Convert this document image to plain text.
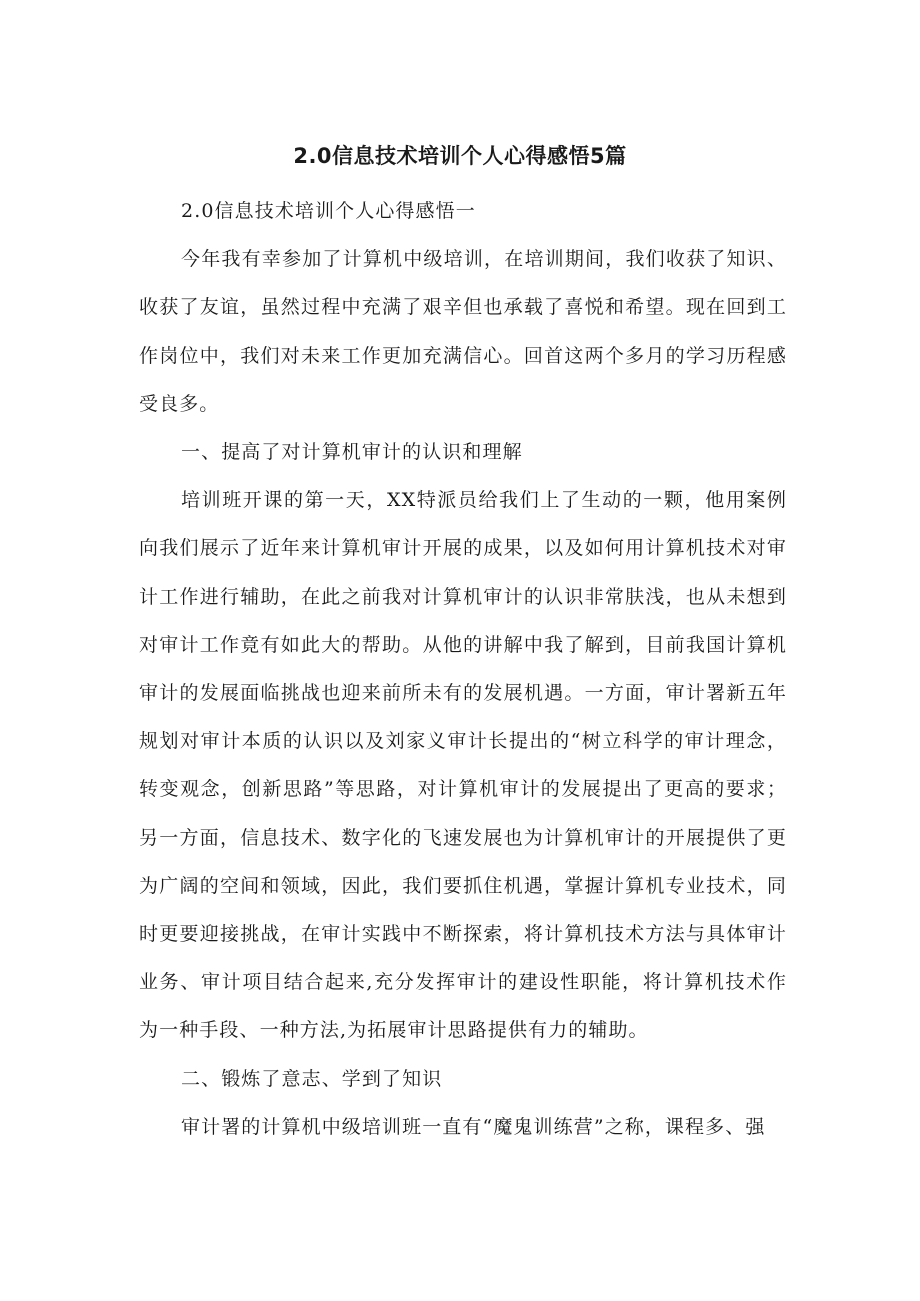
2.0信息技术培训个人心得感悟5篇

2.0信息技术培训个人心得感悟一

今年我有幸参加了计算机中级培训，在培训期间，我们收获了知识、收获了友谊，虽然过程中充满了艰辛但也承载了喜悦和希望。现在回到工作岗位中，我们对未来工作更加充满信心。回首这两个多月的学习历程感受良多。

一、提高了对计算机审计的认识和理解

培训班开课的第一天，XX特派员给我们上了生动的一颗，他用案例向我们展示了近年来计算机审计开展的成果，以及如何用计算机技术对审计工作进行辅助，在此之前我对计算机审计的认识非常肤浅，也从未想到对审计工作竟有如此大的帮助。从他的讲解中我了解到，目前我国计算机审计的发展面临挑战也迎来前所未有的发展机遇。一方面，审计署新五年规划对审计本质的认识以及刘家义审计长提出的“树立科学的审计理念，转变观念，创新思路”等思路，对计算机审计的发展提出了更高的要求；另一方面，信息技术、数字化的飞速发展也为计算机审计的开展提供了更为广阔的空间和领域，因此，我们要抓住机遇，掌握计算机专业技术，同时更要迎接挑战，在审计实践中不断探索，将计算机技术方法与具体审计业务、审计项目结合起来,充分发挥审计的建设性职能，将计算机技术作为一种手段、一种方法,为拓展审计思路提供有力的辅助。

二、锻炼了意志、学到了知识

审计署的计算机中级培训班一直有“魔鬼训练营”之称，课程多、强
